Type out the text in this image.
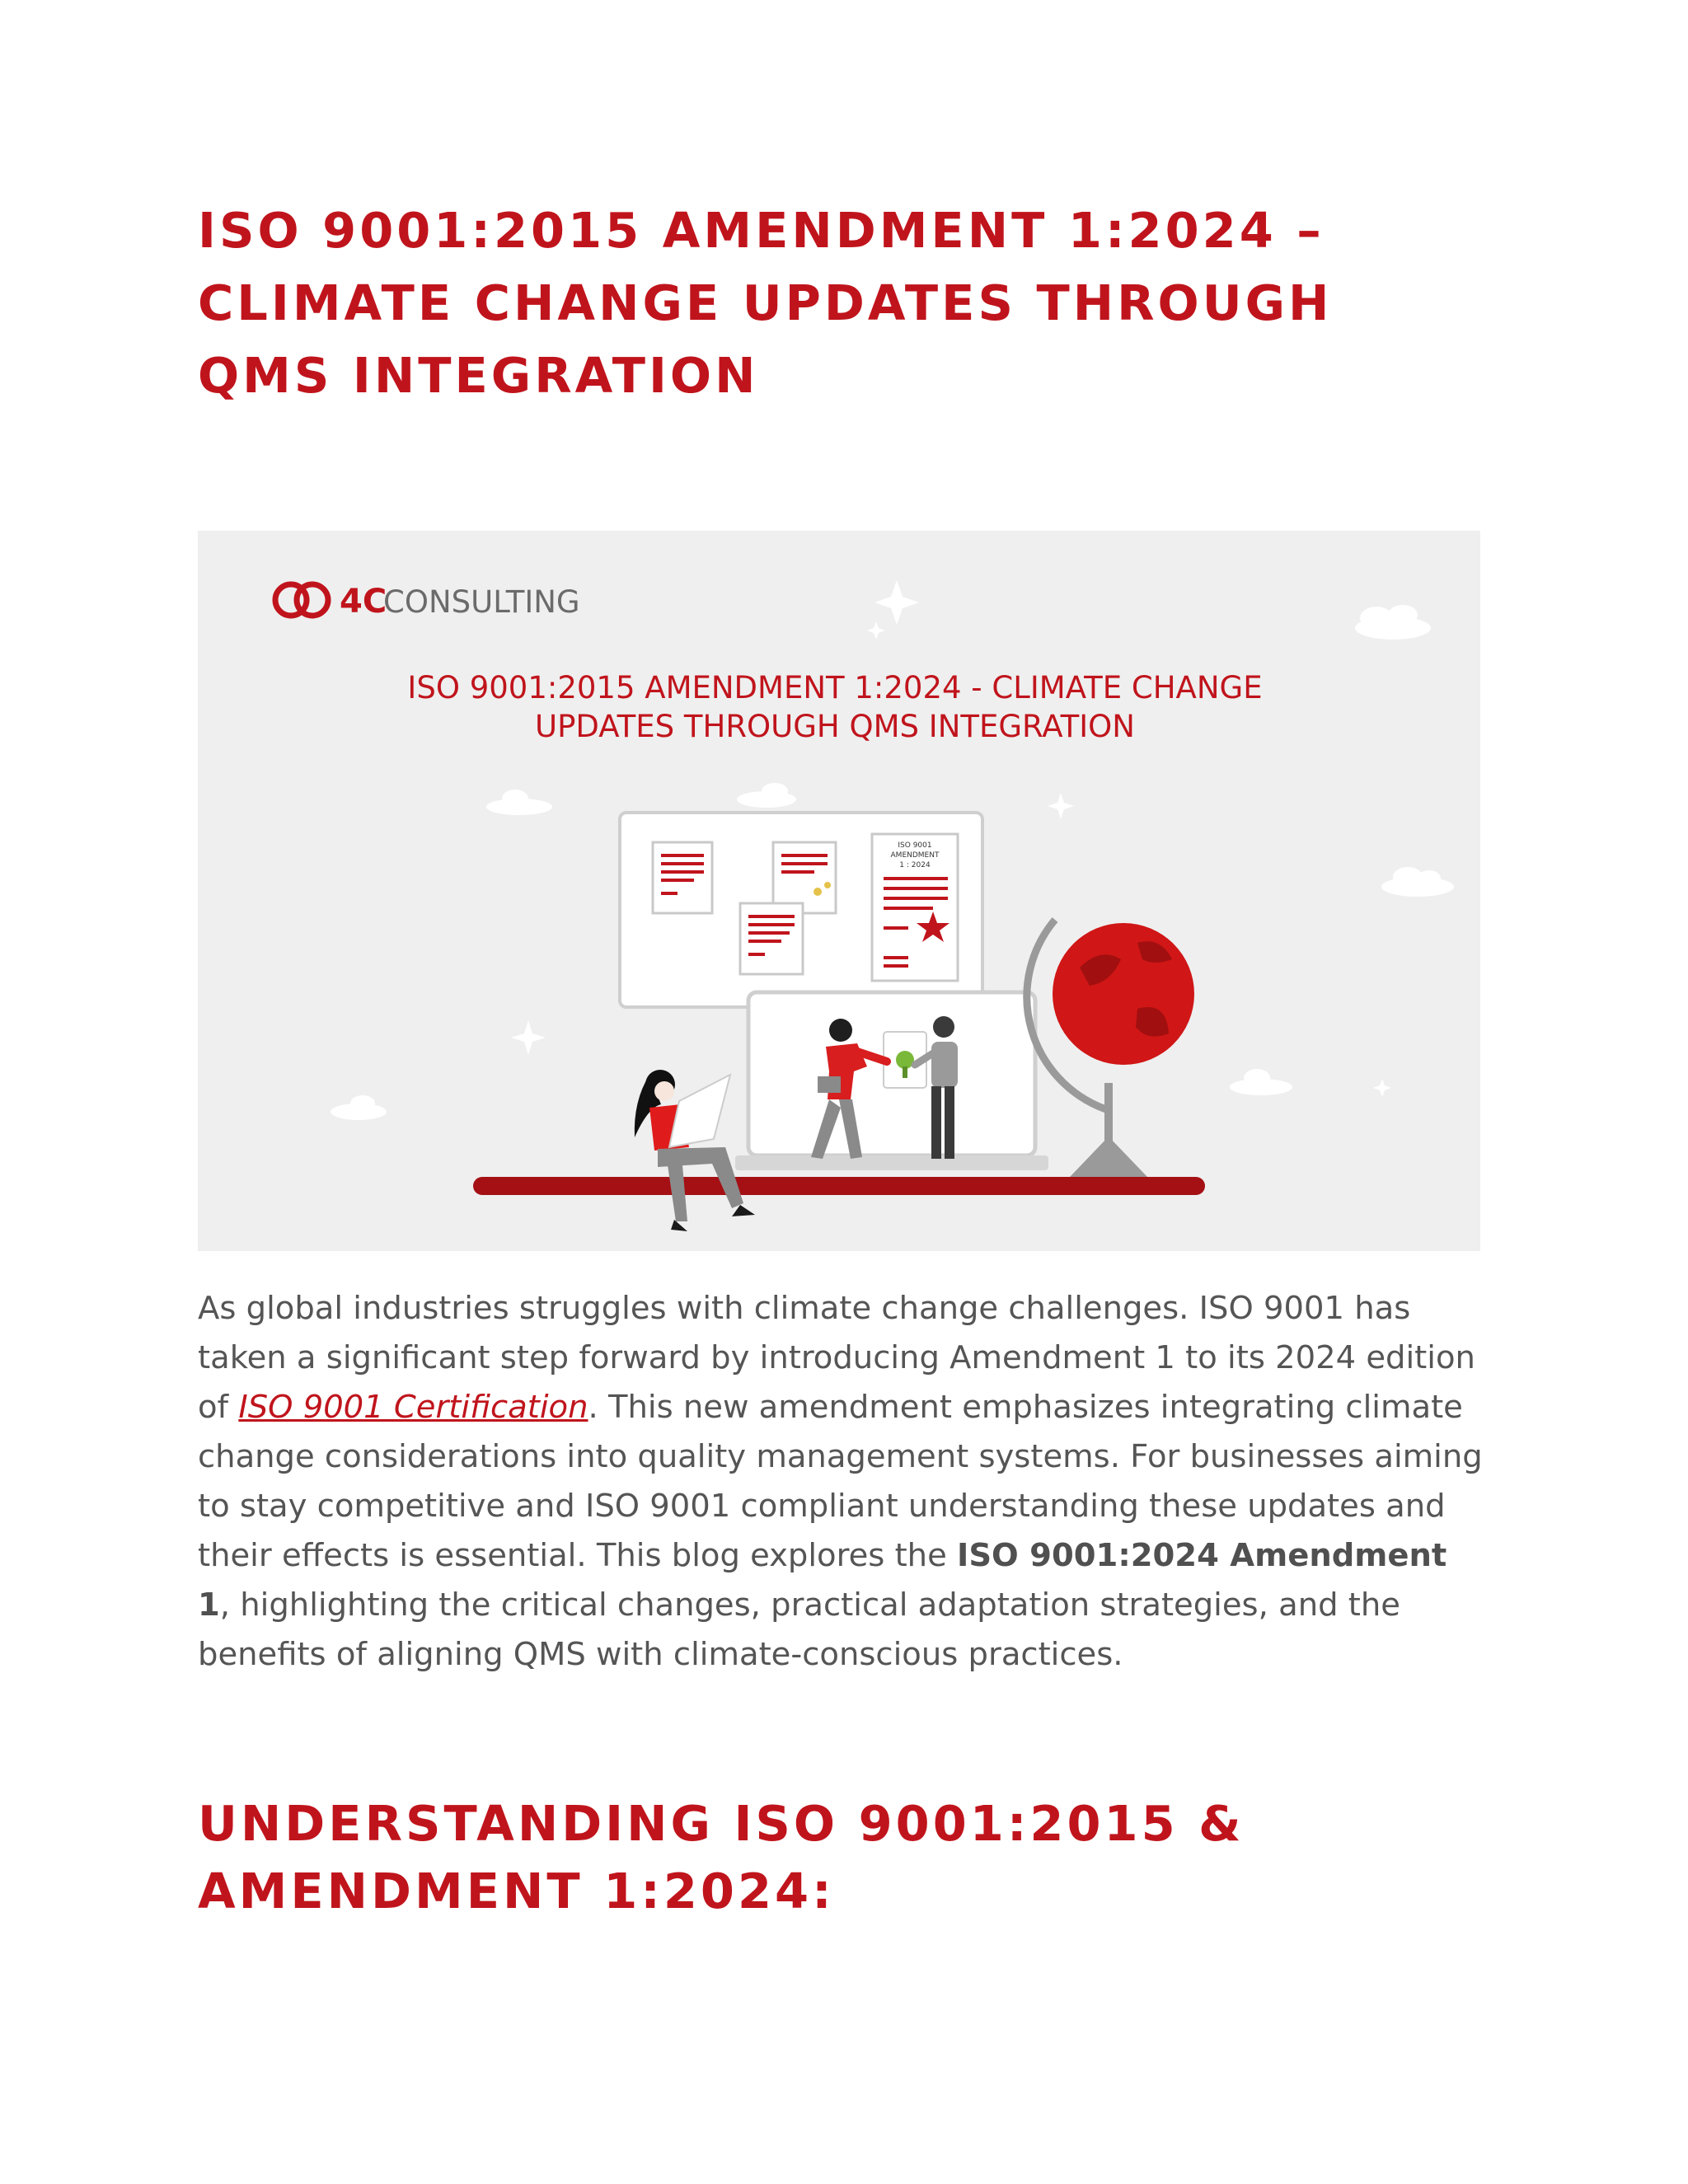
ISO 9001:2015 AMENDMENT 1:2024 – CLIMATE CHANGE UPDATES THROUGH QMS INTEGRATION
4C
CONSULTING
ISO 9001:2015 AMENDMENT 1:2024 - CLIMATE CHANGE
UPDATES THROUGH QMS INTEGRATION
ISO 9001
AMENDMENT
1 : 2024

As global industries struggles with climate change challenges. ISO 9001 has taken a significant step forward by introducing Amendment 1 to its 2024 edition of ISO 9001 Certification. This new amendment emphasizes integrating climate change considerations into quality management systems. For businesses aiming to stay competitive and ISO 9001 compliant understanding these updates and their effects is essential. This blog explores the ISO 9001:2024 Amendment 1, highlighting the critical changes, practical adaptation strategies, and the benefits of aligning QMS with climate-conscious practices.

UNDERSTANDING ISO 9001:2015 & AMENDMENT 1:2024:
